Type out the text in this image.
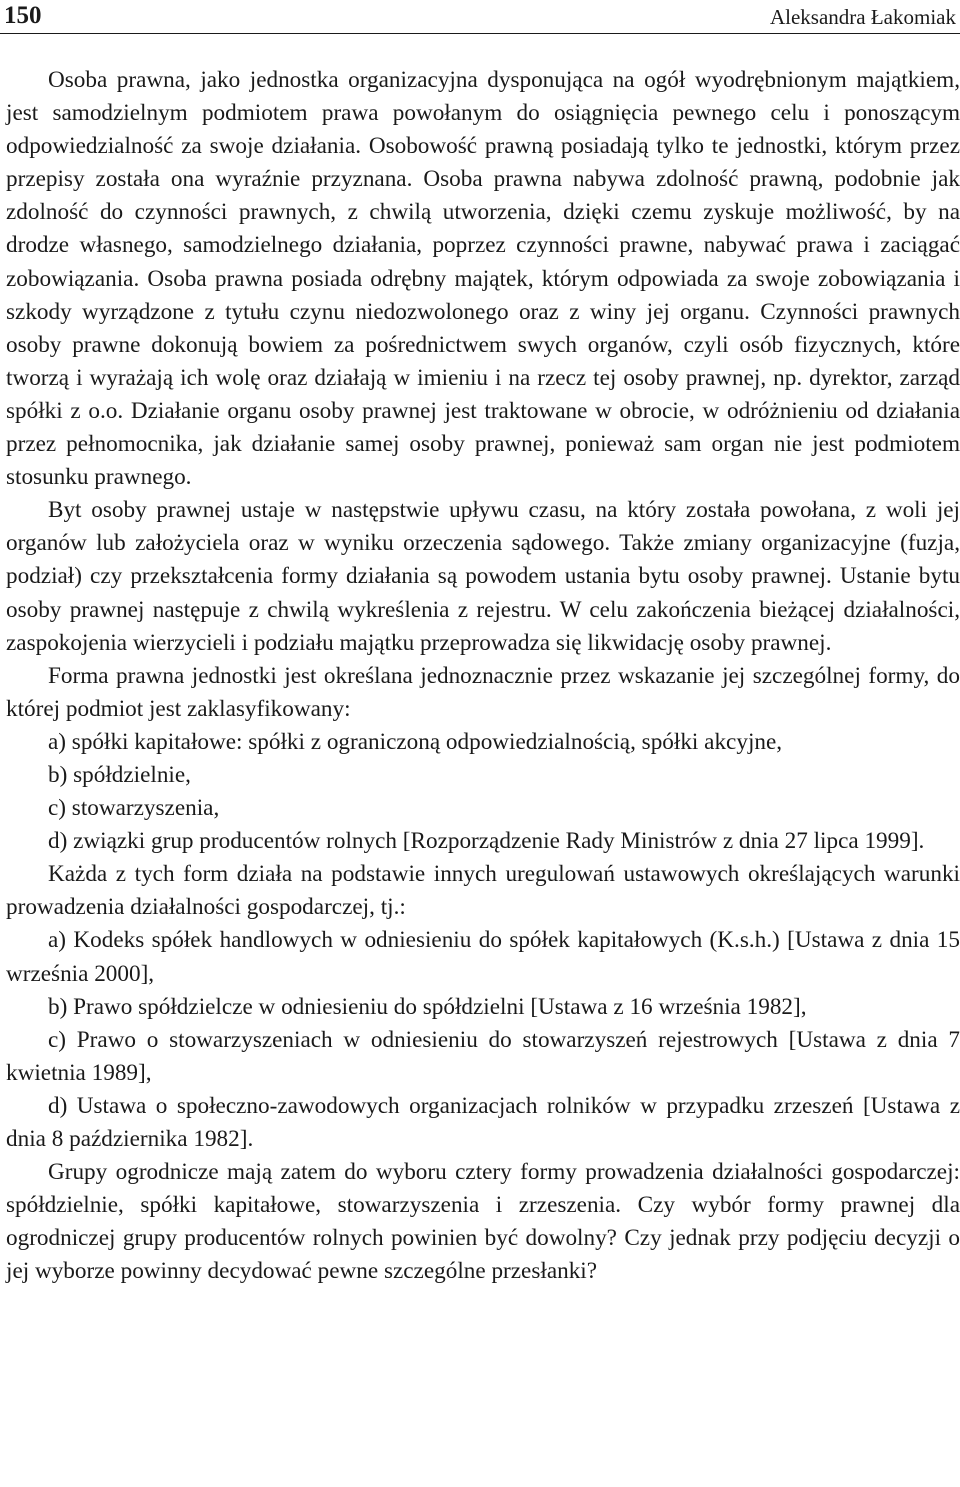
150	Aleksandra Łakomiak

Osoba prawna, jako jednostka organizacyjna dysponująca na ogół wyodrębnionym majątkiem, jest samodzielnym podmiotem prawa powołanym do osiągnięcia pewnego celu i ponoszącym odpowiedzialność za swoje działania. Osobowość prawną posiadają tylko te jednostki, którym przez przepisy została ona wyraźnie przyznana. Osoba prawna nabywa zdolność prawną, podobnie jak zdolność do czynności prawnych, z chwilą utworzenia, dzięki czemu zyskuje możliwość, by na drodze własnego, samodzielnego działania, poprzez czynności prawne, nabywać prawa i zaciągać zobowiązania. Osoba prawna posiada odrębny majątek, którym odpowiada za swoje zobowiązania i szkody wyrządzone z tytułu czynu niedozwolonego oraz z winy jej organu. Czynności prawnych osoby prawne dokonują bowiem za pośrednictwem swych organów, czyli osób fizycznych, które tworzą i wyrażają ich wolę oraz działają w imieniu i na rzecz tej osoby prawnej, np. dyrektor, zarząd spółki z o.o. Działanie organu osoby prawnej jest traktowane w obrocie, w odróżnieniu od działania przez pełnomocnika, jak działanie samej osoby prawnej, ponieważ sam organ nie jest podmiotem stosunku prawnego.

Byt osoby prawnej ustaje w następstwie upływu czasu, na który została powołana, z woli jej organów lub założyciela oraz w wyniku orzeczenia sądowego. Także zmiany organizacyjne (fuzja, podział) czy przekształcenia formy działania są powodem ustania bytu osoby prawnej. Ustanie bytu osoby prawnej następuje z chwilą wykreślenia z rejestru. W celu zakończenia bieżącej działalności, zaspokojenia wierzycieli i podziału majątku przeprowadza się likwidację osoby prawnej.

Forma prawna jednostki jest określana jednoznacznie przez wskazanie jej szczególnej formy, do której podmiot jest zaklasyfikowany:

a) spółki kapitałowe: spółki z ograniczoną odpowiedzialnością, spółki akcyjne,

b) spółdzielnie,

c) stowarzyszenia,

d) związki grup producentów rolnych [Rozporządzenie Rady Ministrów z dnia 27 lipca 1999].

Każda z tych form działa na podstawie innych uregulowań ustawowych określających warunki prowadzenia działalności gospodarczej, tj.:

a) Kodeks spółek handlowych w odniesieniu do spółek kapitałowych (K.s.h.) [Ustawa z dnia 15 września 2000],

b) Prawo spółdzielcze w odniesieniu do spółdzielni [Ustawa z 16 września 1982],

c) Prawo o stowarzyszeniach w odniesieniu do stowarzyszeń rejestrowych [Ustawa z dnia 7 kwietnia 1989],

d) Ustawa o społeczno-zawodowych organizacjach rolników w przypadku zrzeszeń [Ustawa z dnia 8 października 1982].

Grupy ogrodnicze mają zatem do wyboru cztery formy prowadzenia działalności gospodarczej: spółdzielnie, spółki kapitałowe, stowarzyszenia i zrzeszenia. Czy wybór formy prawnej dla ogrodniczej grupy producentów rolnych powinien być dowolny? Czy jednak przy podjęciu decyzji o jej wyborze powinny decydować pewne szczególne przesłanki?
